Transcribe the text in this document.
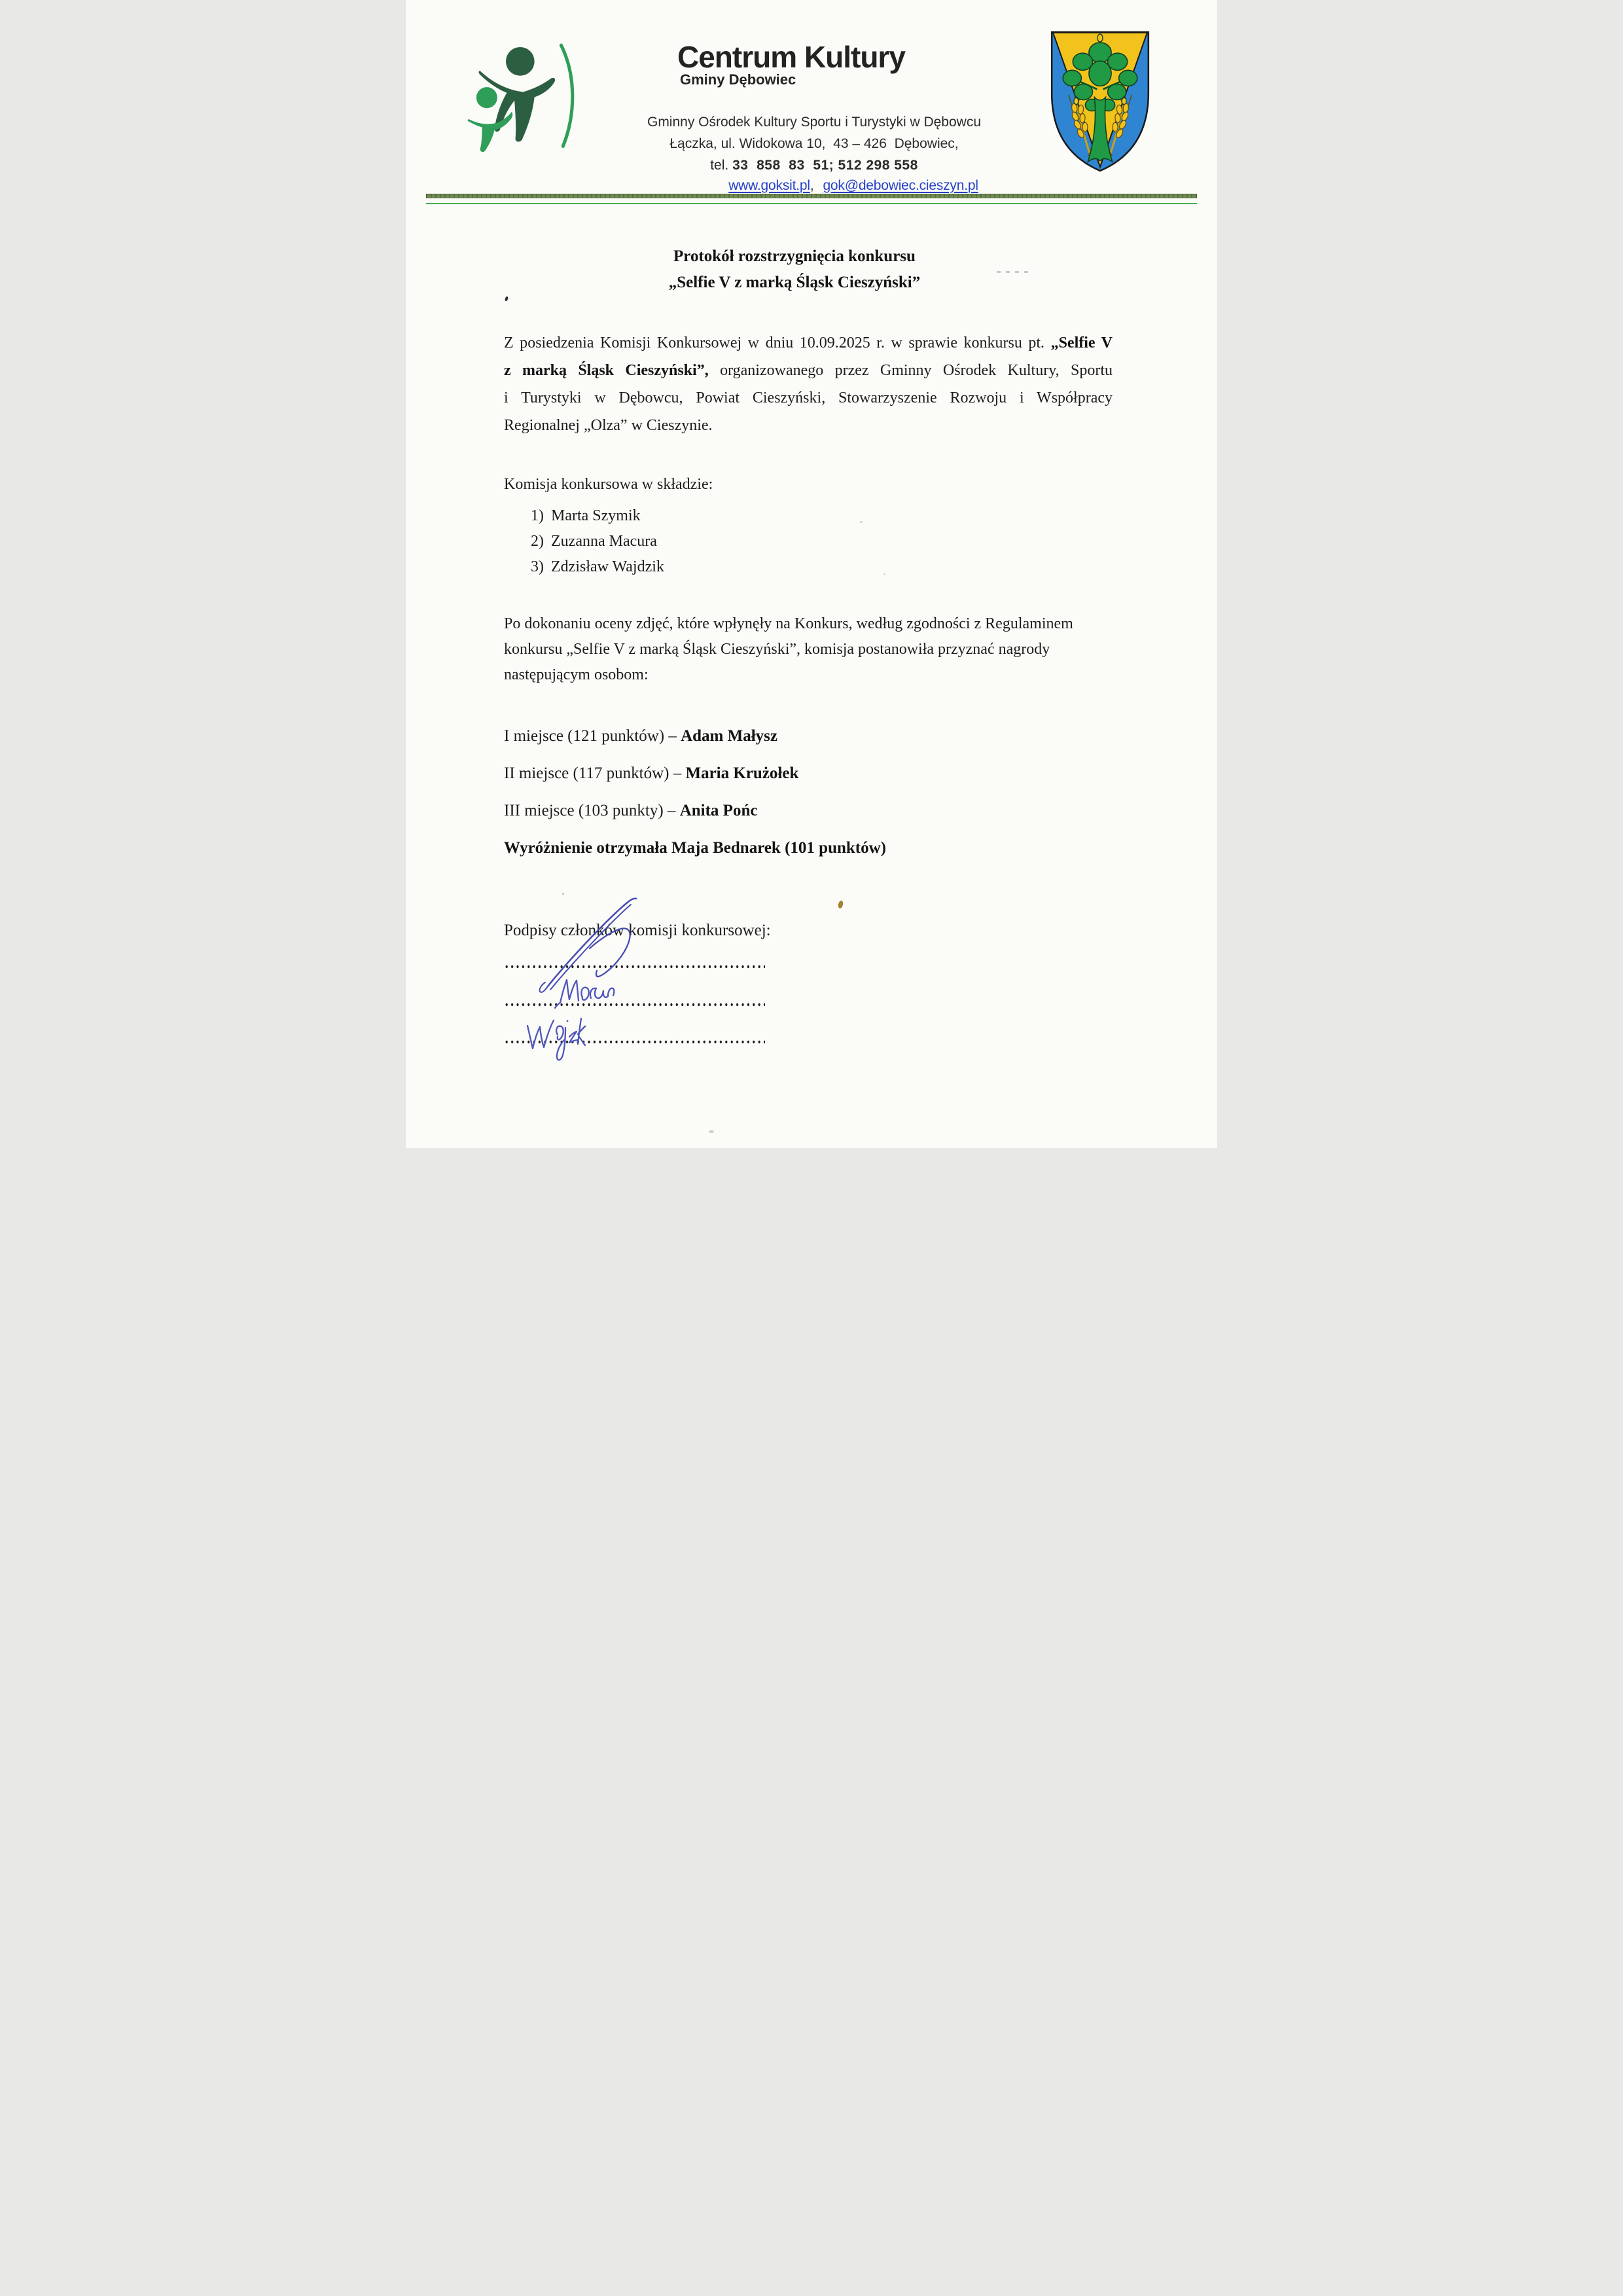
Centrum Kultury
Gminy Dębowiec
Gminny Ośrodek Kultury Sportu i Turystyki w Dębowcu
Łączka, ul. Widokowa 10,  43 – 426  Dębowiec,
tel. 33  858  83  51; 512 298 558
www.goksit.pl, gok@debowiec.cieszyn.pl
Protokół rozstrzygnięcia konkursu
„Selfie V z marką Śląsk Cieszyński”
Z posiedzenia Komisji Konkursowej w dniu 10.09.2025 r. w sprawie konkursu pt. „Selfie V
z marką Śląsk Cieszyński”, organizowanego przez Gminny Ośrodek Kultury, Sportu
i Turystyki w Dębowcu, Powiat Cieszyński, Stowarzyszenie Rozwoju i Współpracy
Regionalnej „Olza” w Cieszynie.
Komisja konkursowa w składzie:
1) Marta Szymik
2) Zuzanna Macura
3) Zdzisław Wajdzik
Po dokonaniu oceny zdjęć, które wpłynęły na Konkurs, według zgodności z Regulaminem
konkursu „Selfie V z marką Śląsk Cieszyński”, komisja postanowiła przyznać nagrody
następującym osobom:
I miejsce (121 punktów) – Adam Małysz
II miejsce (117 punktów) – Maria Krużołek
III miejsce (103 punkty) – Anita Pońc
Wyróżnienie otrzymała Maja Bednarek (101 punktów)
Podpisy członków komisji konkursowej:
